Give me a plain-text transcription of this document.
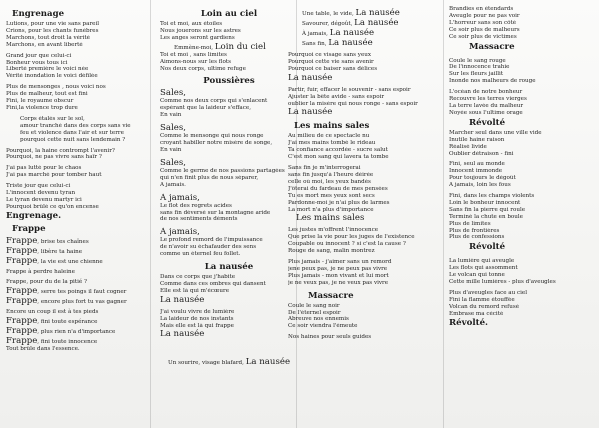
Engrenage
Lutions, pour une vie sans pareil
Crions, pour les chants funèbres
Marchons, tout droit la vérité
Marchons, en avant liberté
Grand jour que celui-ci
Bonheur vous tous ici
Liberté première le voici née
Vérité inondation le voici défilée
Plus de mensonges , nous voici nos
Plus de malheur, tout est fini
Fini, le royaume obscur
Fini,la violence trop dure
Corps étalés sur le sol,
amour tranché dans des corps sans vie
feu et violence dans l'air et sur terre
pourquoi cette nuit sans lendemain ?
Pourquoi, la haine contrompt l'avenir?
Pourquoi, ne pas vivre sans haïr ?
J'ai pas lutté pour le chaos
J'ai pas marché pour tomber haut
Triste jour que celui-ci
L'innocent devenu tyran
Le tyran devenu martyr ici
Pourquoi brûlé ce qu'on encense
Engrenage.
Frappe
Frappe, brise tes chaînes
Frappe, libère ta haine
Frappe, la vie est une chienne
Frappe à perdre haleine
Frappe, pour du de la pitié ?
Frappe, serre tes poings il faut cogner
Frappe, encore plus fort tu vas gagner
Encore un coup il est à tes pieds
Frappe, fini toute espérance
Frappe, plus rien n'a d'importance
Frappe, fini toute innocence
Tout brûle dans l'essence.
Loin au ciel
Toi et moi, aux étoiles
Nous jouerons sur les astres
Les anges seront gardiens
Emmène-moi, Loin du ciel
Toi et moi , sans limites
Aimons-nous sur les flots
Nos deux corps, ultime refuge
Poussières
Sales,
Comme nos deux corps qui s'enlacent
espérant que la laideur s'efface,
En vain
Sales,
Comme le mensonge qui nous ronge
croyant habiller notre misère de songe,
En vain
Sales,
Comme le germe de nos passions partagées
qui n'en finit plus de nous séparer,
À jamais.
À jamais,
Le flot des regrets acides
sans fin déversé sur la montagne aride
de nos sentiments déments
À jamais,
Le profond remord de l'impuissance
de n'avoir su échafauder des sens
comme un éternel feu follet.
La nausée
Dans ce corps que j'habite
Comme dans ces ombres qui dansent
Elle est là qui m'écœure
La nausée
J'ai voulu vivre de lumière
La laideur de nos instants
Mais elle est là qui frappe
La nausée
Un sourire, visage blafard, La nausée
Une table, le vide, La nausée
Savourer, dégoût, La nausée
À jamais, La nausée
Sans fin, La nausée
Pourquoi ce visage sans yeux
Pourquoi cette vie sans avenir
Pourquoi ce baiser sans délices
La nausée
Partir, fuir, effacer le souvenir - sans espoir
Ajuster la bête avide - sans espoir
oublier la misère qui nous ronge - sans espoir
La nausée
Les mains sales
Au milieu de ce spectacle nu
J'ai mes mains tombé le rideau
Ta confiance accordée - sucre salut
C'est mon sang qui lavera ta tombe
Sans fin je m'interrogerai
sans fin jusqu'à l'heure déirée
celle où moi, les yeux bandés
J'ôterai du fardeau de mes pensées
Tu es mort mes yeux sont secs
Pardonne-moi je n'ai plus de larmes
La mort n'a plus d'importance
Les mains sales
Les justes m'offrent l'innocence
Que prise la vie pour les juges de l'existence
Coupable ou innocent ? si c'est la cause ?
Rouge de sang, malin montrez
Plus jamais - j'aimer sans un remord
jene peux pas, je ne peux pas vivre
Plus jamais - mon vivant et lui mort
je ne veux pas, je ne veux pas vivre
Massacre
Coule le sang noir
De l'éternel espoir
Abreuve nos ennemis
Ce soir viendra l'émeute
Nos haines pour seuls guides
Brandies en étendards
Aveugle pour ne pas voir
L'horreur sans son côté
Ce soir plus de malheurs
Ce soir plus de victimes
Massacre
Coule le sang rouge
De l'innocence trahie
Sur les fleurs jaillit
Inonde nos malheurs de rouge
L'océan de notre bonheur
Recouvre les terres vierges
La terre lavée du malheur
Noyée sous l'ultime orage
Révolté
Marcher seul dans une ville vide
Inutile haine raison
Réalisé livide
Oublier détraison - fini
Fini, seul au monde
Innocent immonde
Pour toujours le dégoût
À jamais, loin les fous
Fini, dans les champs violents
Loin le bonheur innocent
Sans fin la pierre qui roule
Terminé la chute en boule
Plus de limites
Plus de frontières
Plus de confessions
Révolté
La lumière qui aveugle
Les flots qui assomment
Le volcan qui tonne
Cette mille lumières - plus d'aveugles
Plus d'aveugles face au ciel
Fini la flamme étouffée
Volcan du remord refusé
Embrase ma cécité
Révolté.
